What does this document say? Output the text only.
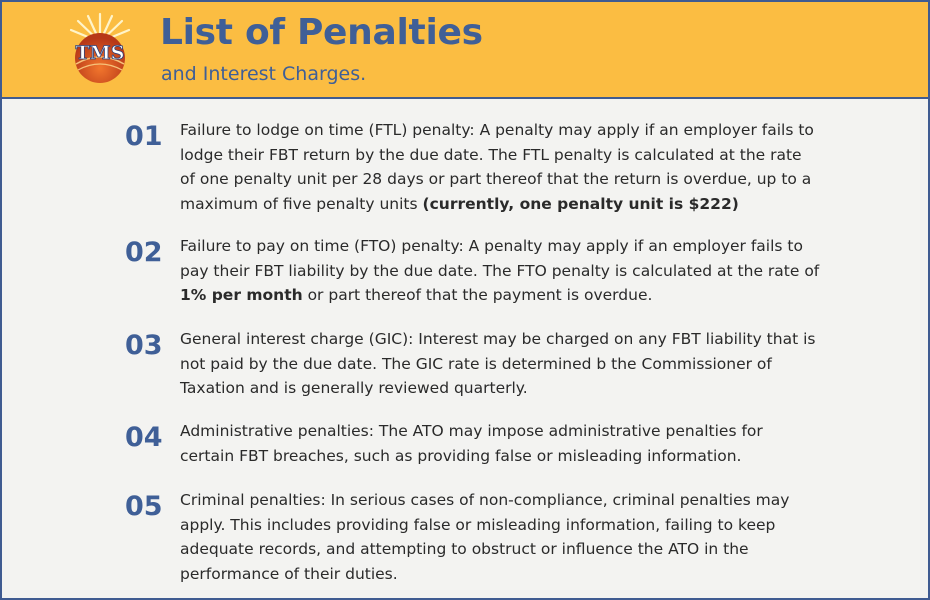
TMS List of Penalties
and Interest Charges.
01 Failure to lodge on time (FTL) penalty: A penalty may apply if an employer fails to lodge their FBT return by the due date. The FTL penalty is calculated at the rate of one penalty unit per 28 days or part thereof that the return is overdue, up to a maximum of five penalty units (currently, one penalty unit is $222)
02 Failure to pay on time (FTO) penalty: A penalty may apply if an employer fails to pay their FBT liability by the due date. The FTO penalty is calculated at the rate of 1% per month or part thereof that the payment is overdue.
03 General interest charge (GIC): Interest may be charged on any FBT liability that is not paid by the due date. The GIC rate is determined b the Commissioner of Taxation and is generally reviewed quarterly.
04 Administrative penalties: The ATO may impose administrative penalties for certain FBT breaches, such as providing false or misleading information.
05 Criminal penalties: In serious cases of non-compliance, criminal penalties may apply. This includes providing false or misleading information, failing to keep adequate records, and attempting to obstruct or influence the ATO in the performance of their duties.
